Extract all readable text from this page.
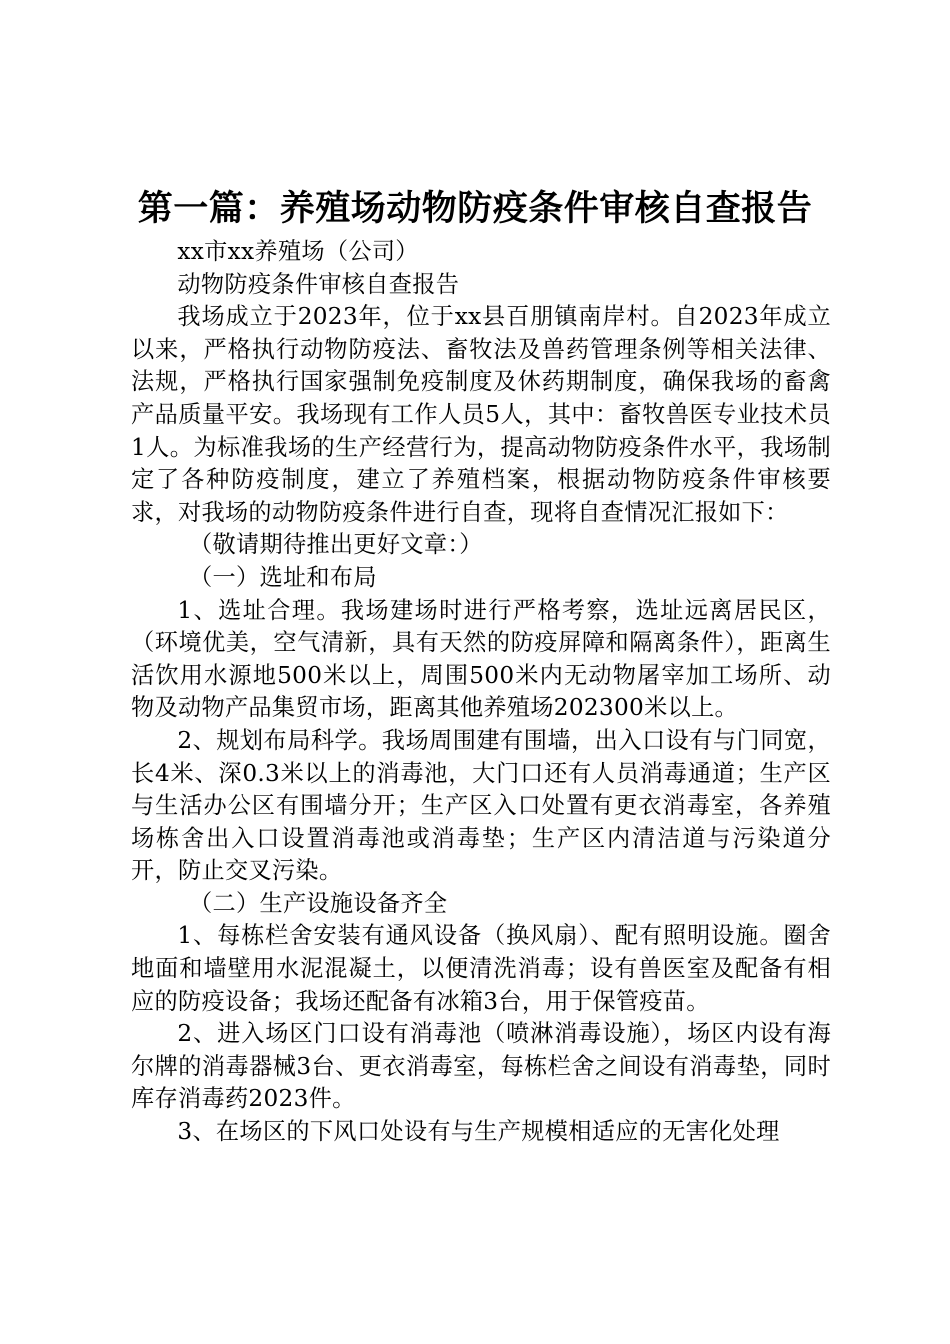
第一篇：养殖场动物防疫条件审核自查报告

xx市xx养殖场（公司）

动物防疫条件审核自查报告

我场成立于2023年，位于xx县百朋镇南岸村。自2023年成立以来，严格执行动物防疫法、畜牧法及兽药管理条例等相关法律、法规，严格执行国家强制免疫制度及休药期制度，确保我场的畜禽产品质量平安。我场现有工作人员5人，其中：畜牧兽医专业技术员1人。为标准我场的生产经营行为，提高动物防疫条件水平，我场制定了各种防疫制度，建立了养殖档案，根据动物防疫条件审核要求，对我场的动物防疫条件进行自查，现将自查情况汇报如下：

（敬请期待推出更好文章：）

（一）选址和布局

1、选址合理。我场建场时进行严格考察，选址远离居民区，（环境优美，空气清新，具有天然的防疫屏障和隔离条件），距离生活饮用水源地500米以上，周围500米内无动物屠宰加工场所、动物及动物产品集贸市场，距离其他养殖场202300米以上。

2、规划布局科学。我场周围建有围墙，出入口设有与门同宽，长4米、深0.3米以上的消毒池，大门口还有人员消毒通道；生产区与生活办公区有围墙分开；生产区入口处置有更衣消毒室，各养殖场栋舍出入口设置消毒池或消毒垫；生产区内清洁道与污染道分开，防止交叉污染。

（二）生产设施设备齐全

1、每栋栏舍安装有通风设备（换风扇）、配有照明设施。圈舍地面和墙壁用水泥混凝土，以便清洗消毒；设有兽医室及配备有相应的防疫设备；我场还配备有冰箱3台，用于保管疫苗。

2、进入场区门口设有消毒池（喷淋消毒设施），场区内设有海尔牌的消毒器械3台、更衣消毒室，每栋栏舍之间设有消毒垫，同时库存消毒药2023件。

3、在场区的下风口处设有与生产规模相适应的无害化处理
